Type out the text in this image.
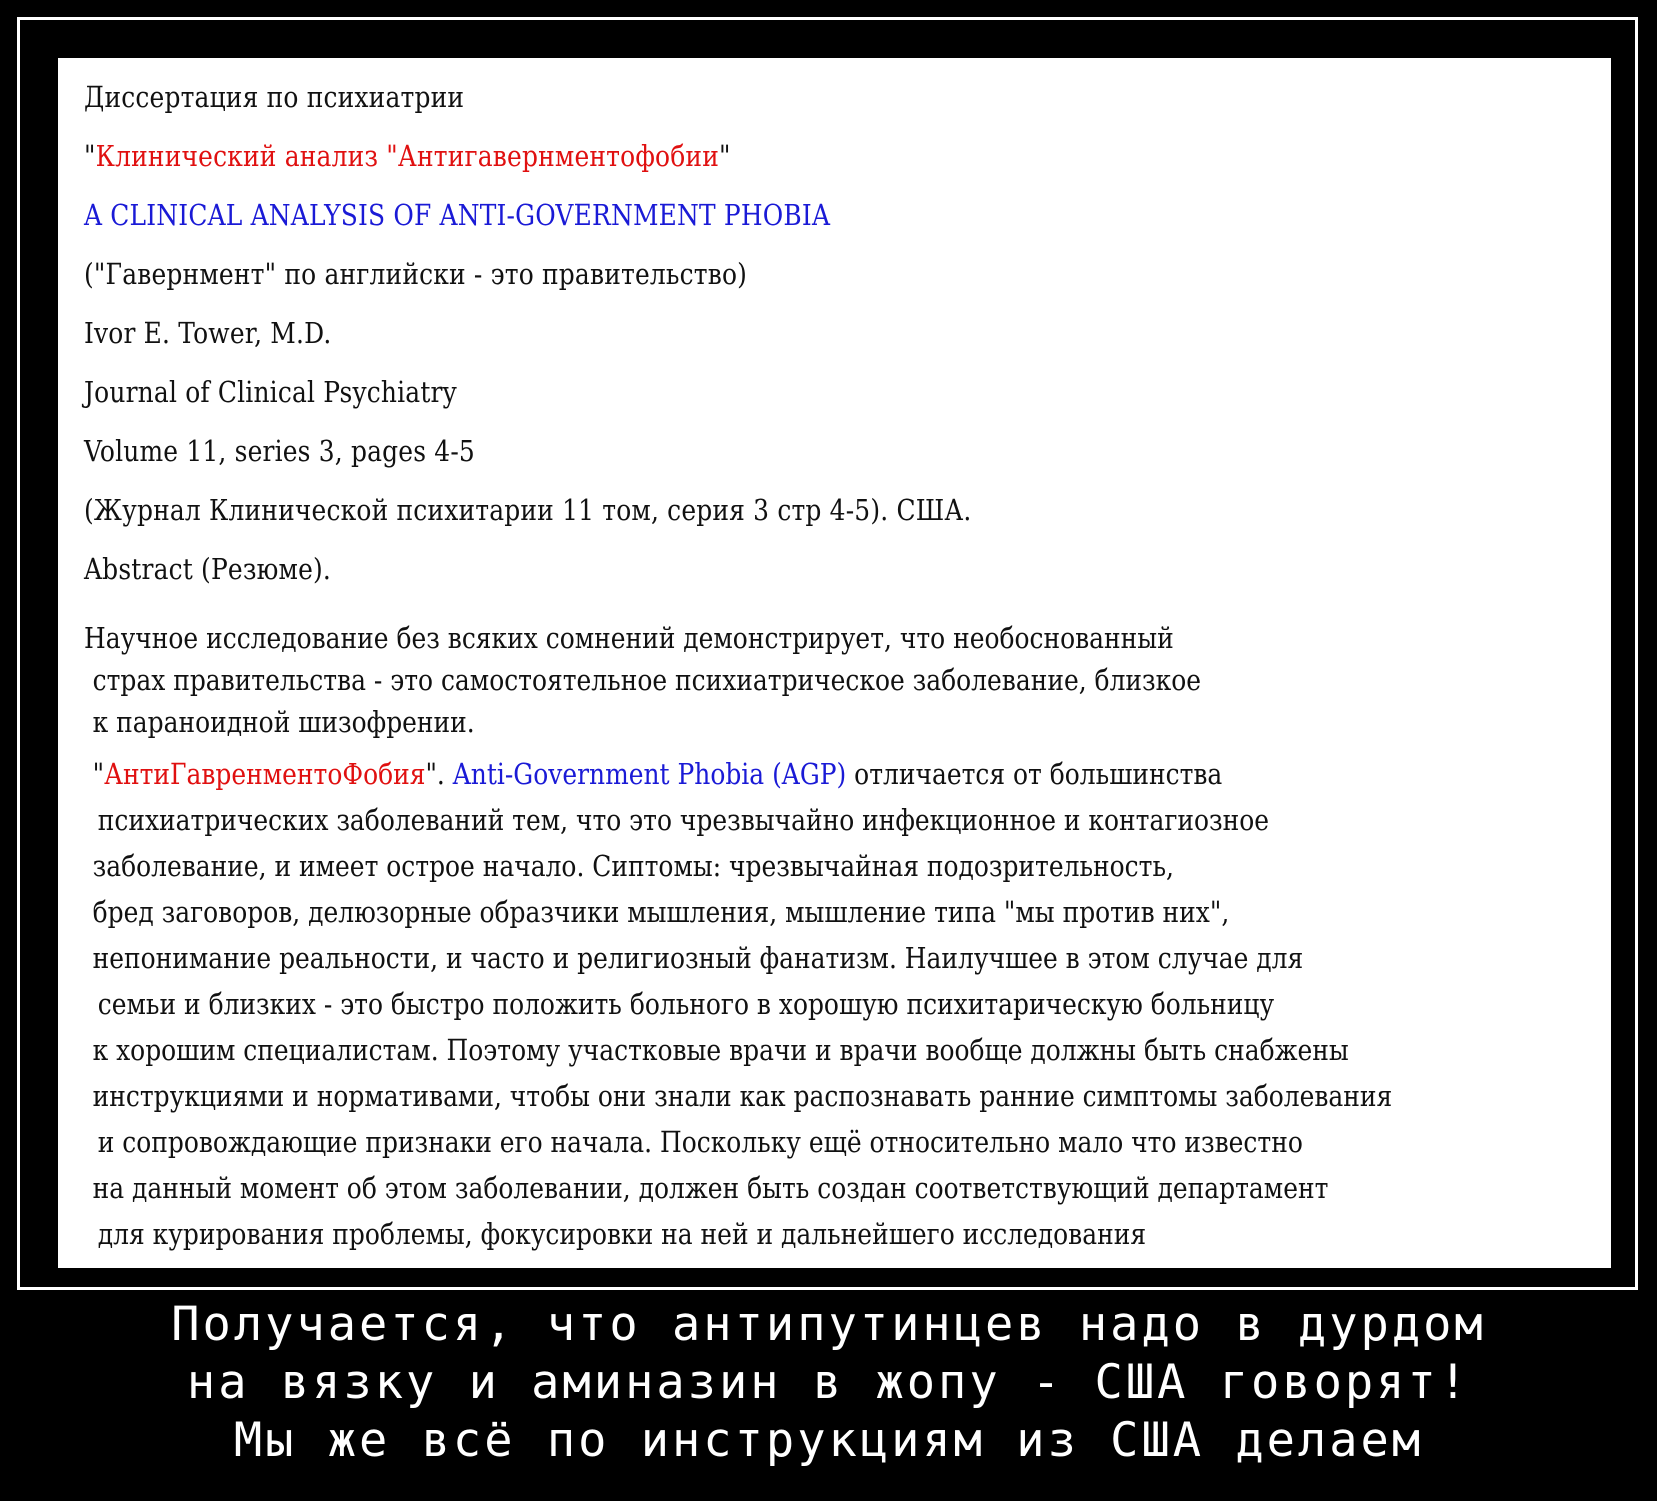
Диссертация по психиатрии
"Клинический анализ "Антигавернментофобии"
A CLINICAL ANALYSIS OF ANTI-GOVERNMENT PHOBIA
("Гавернмент" по английски - это правительство)
Ivor E. Tower, M.D.
Journal of Clinical Psychiatry
Volume 11, series 3, pages 4-5
(Журнал Клинической психитарии 11 том, серия 3 стр 4-5). США.
Abstract (Резюме).
Научное исследование без всяких сомнений демонстрирует, что необоснованный
страх правительства - это самостоятельное психиатрическое заболевание, близкое
к параноидной шизофрении.
"АнтиГавренментоФобия". Anti-Government Phobia (AGP) отличается от большинства
психиатрических заболеваний тем, что это чрезвычайно инфекционное и контагиозное
заболевание, и имеет острое начало. Сиптомы: чрезвычайная подозрительность,
бред заговоров, делюзорные образчики мышления, мышление типа "мы против них",
непонимание реальности, и часто и религиозный фанатизм. Наилучшее в этом случае для
семьи и близких - это быстро положить больного в хорошую психитарическую больницу
к хорошим специалистам. Поэтому участковые врачи и врачи вообще должны быть снабжены
инструкциями и нормативами, чтобы они знали как распознавать ранние симптомы заболевания
и сопровождающие признаки его начала. Поскольку ещё относительно мало что известно
на данный момент об этом заболевании, должен быть создан соответствующий департамент
для курирования проблемы, фокусировки на ней и дальнейшего исследования
Получается, что антипутинцев надо в дурдом
на вязку и аминазин в жопу - США говорят!
Мы же всё по инструкциям из США делаем
